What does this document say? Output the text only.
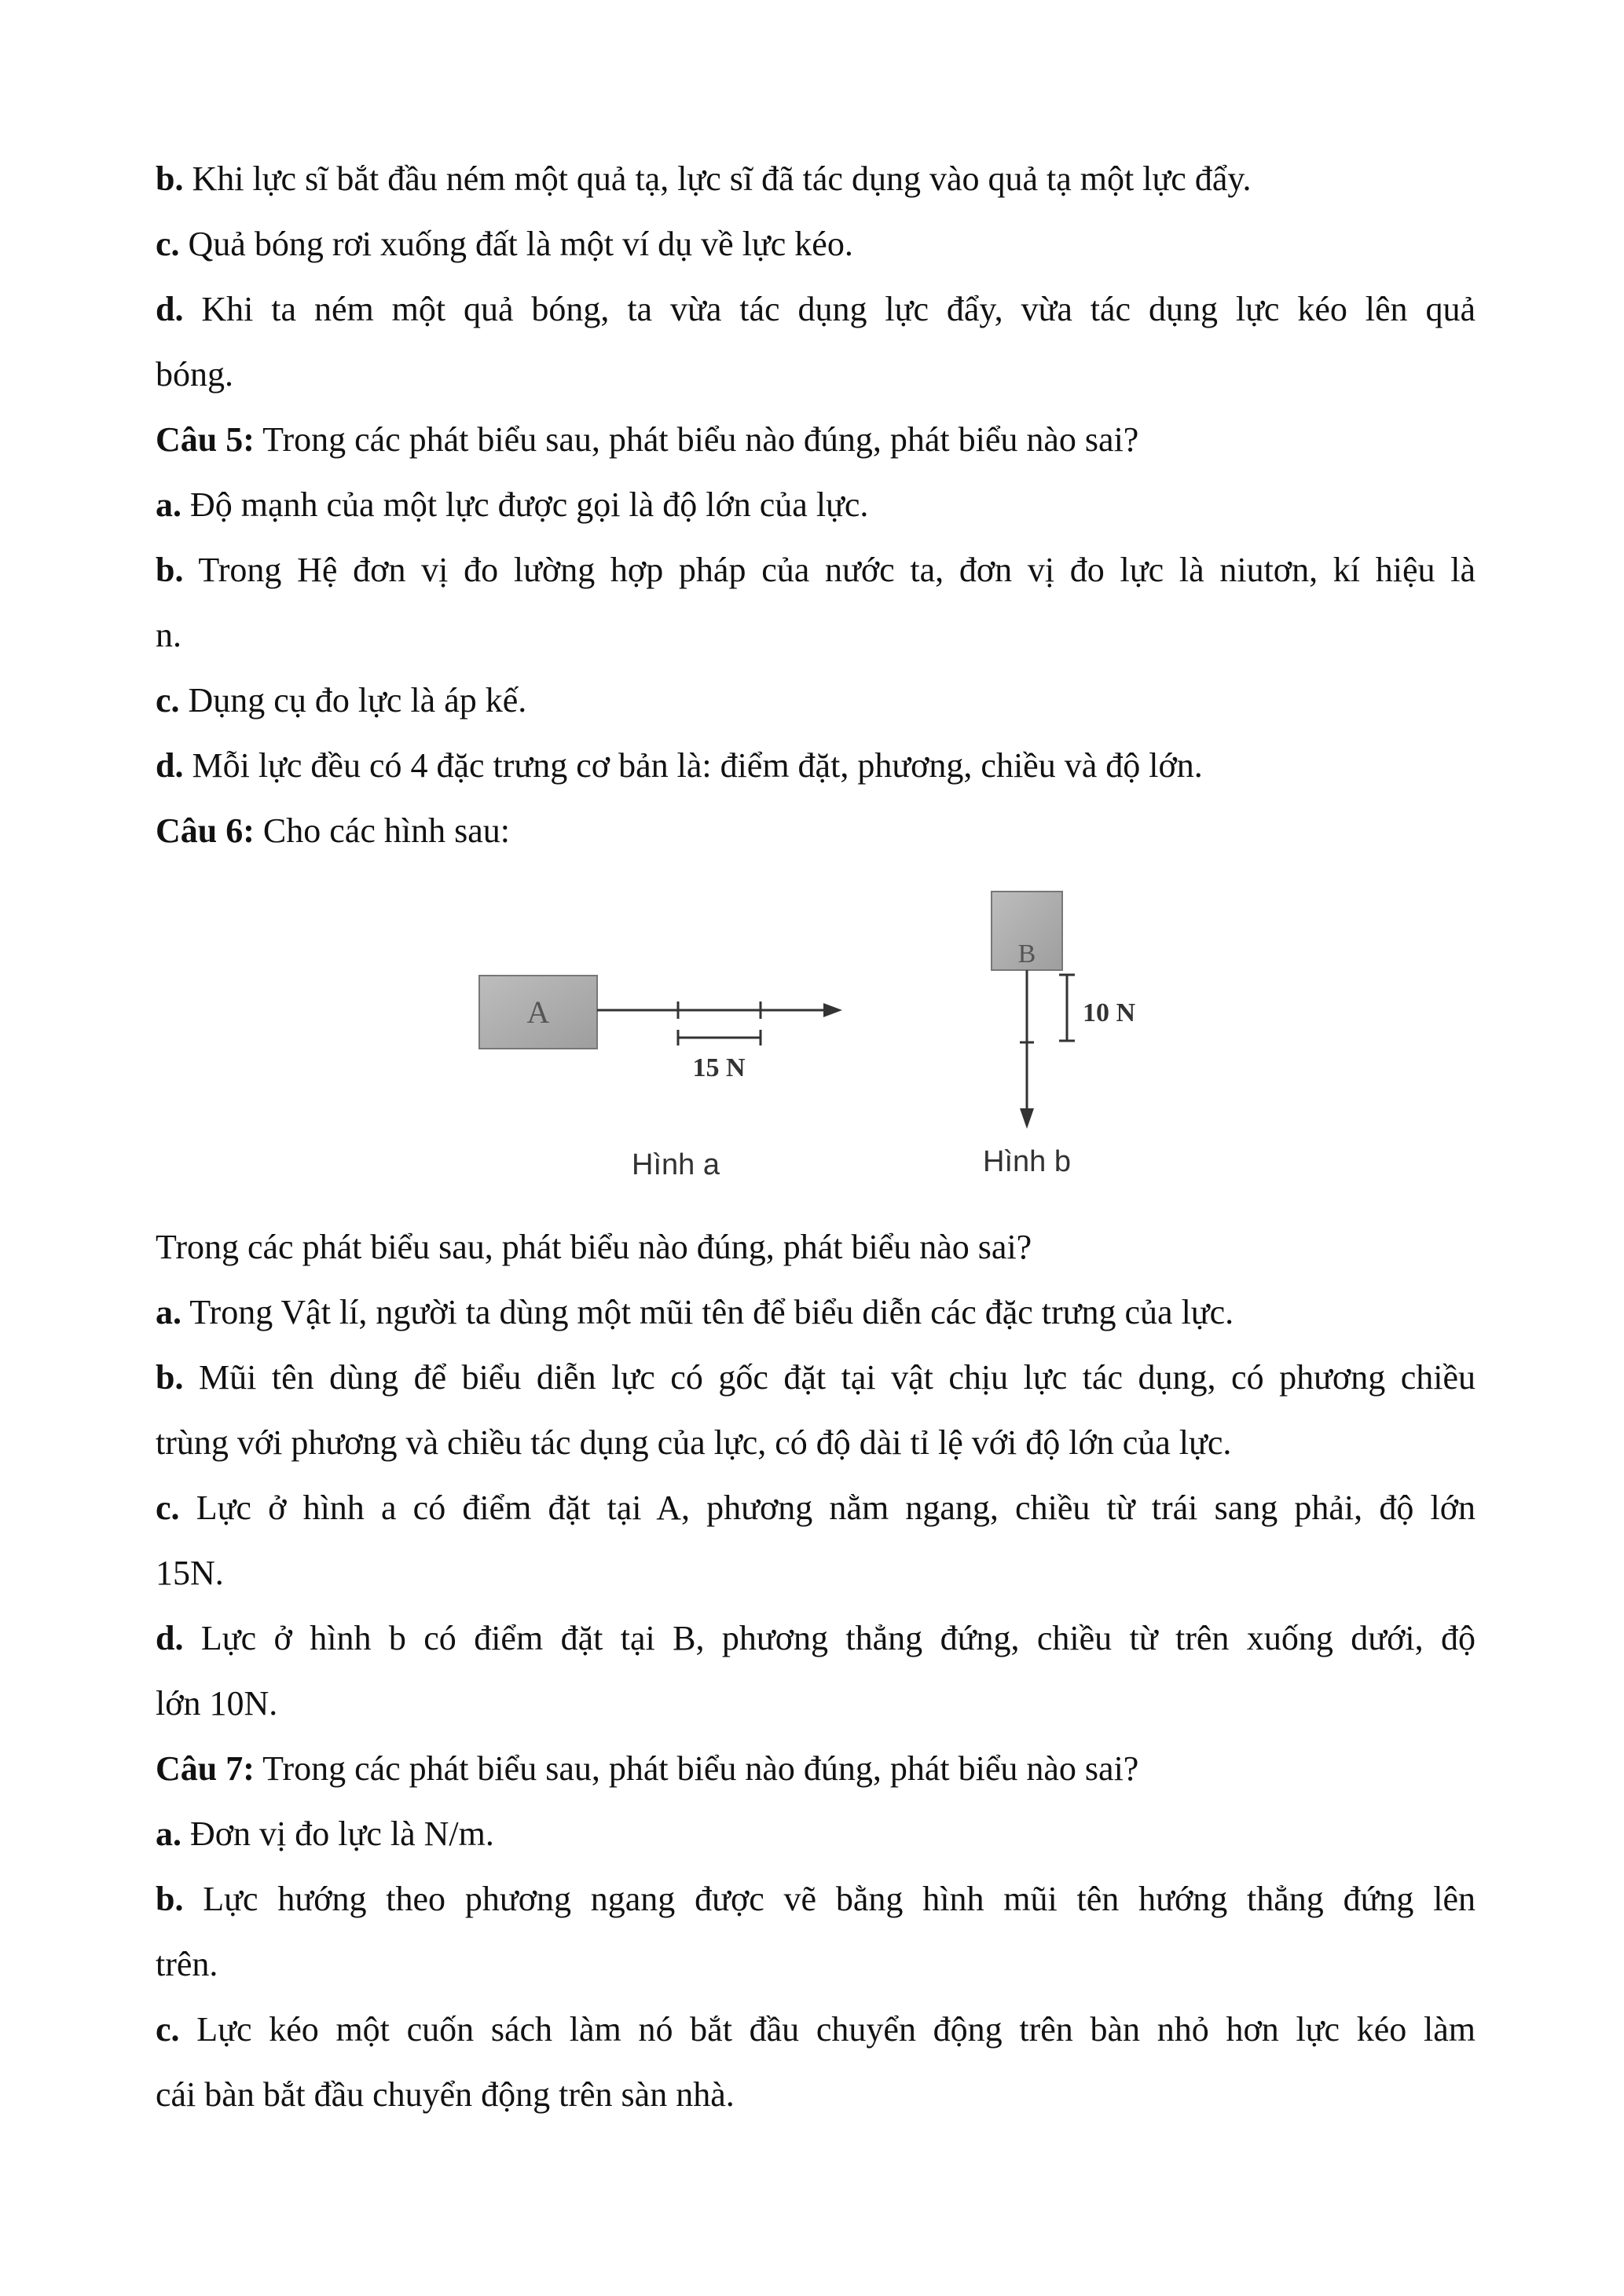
b. Khi lực sĩ bắt đầu ném một quả tạ, lực sĩ đã tác dụng vào quả tạ một lực đẩy.
c. Quả bóng rơi xuống đất là một ví dụ về lực kéo.
d. Khi ta ném một quả bóng, ta vừa tác dụng lực đẩy, vừa tác dụng lực kéo lên quả
bóng.
Câu 5: Trong các phát biểu sau, phát biểu nào đúng, phát biểu nào sai?
a. Độ mạnh của một lực được gọi là độ lớn của lực.
b. Trong Hệ đơn vị đo lường hợp pháp của nước ta, đơn vị đo lực là niutơn, kí hiệu là
n.
c. Dụng cụ đo lực là áp kế.
d. Mỗi lực đều có 4 đặc trưng cơ bản là: điểm đặt, phương, chiều và độ lớn.
Câu 6: Cho các hình sau:
A
15 N
Hình a
B
10 N
Hình b
Trong các phát biểu sau, phát biểu nào đúng, phát biểu nào sai?
a. Trong Vật lí, người ta dùng một mũi tên để biểu diễn các đặc trưng của lực.
b. Mũi tên dùng để biểu diễn lực có gốc đặt tại vật chịu lực tác dụng, có phương chiều
trùng với phương và chiều tác dụng của lực, có độ dài tỉ lệ với độ lớn của lực.
c. Lực ở hình a có điểm đặt tại A, phương nằm ngang, chiều từ trái sang phải, độ lớn
15N.
d. Lực ở hình b có điểm đặt tại B, phương thẳng đứng, chiều từ trên xuống dưới, độ
lớn 10N.
Câu 7: Trong các phát biểu sau, phát biểu nào đúng, phát biểu nào sai?
a. Đơn vị đo lực là N/m.
b. Lực hướng theo phương ngang được vẽ bằng hình mũi tên hướng thẳng đứng lên
trên.
c. Lực kéo một cuốn sách làm nó bắt đầu chuyển động trên bàn nhỏ hơn lực kéo làm
cái bàn bắt đầu chuyển động trên sàn nhà.
